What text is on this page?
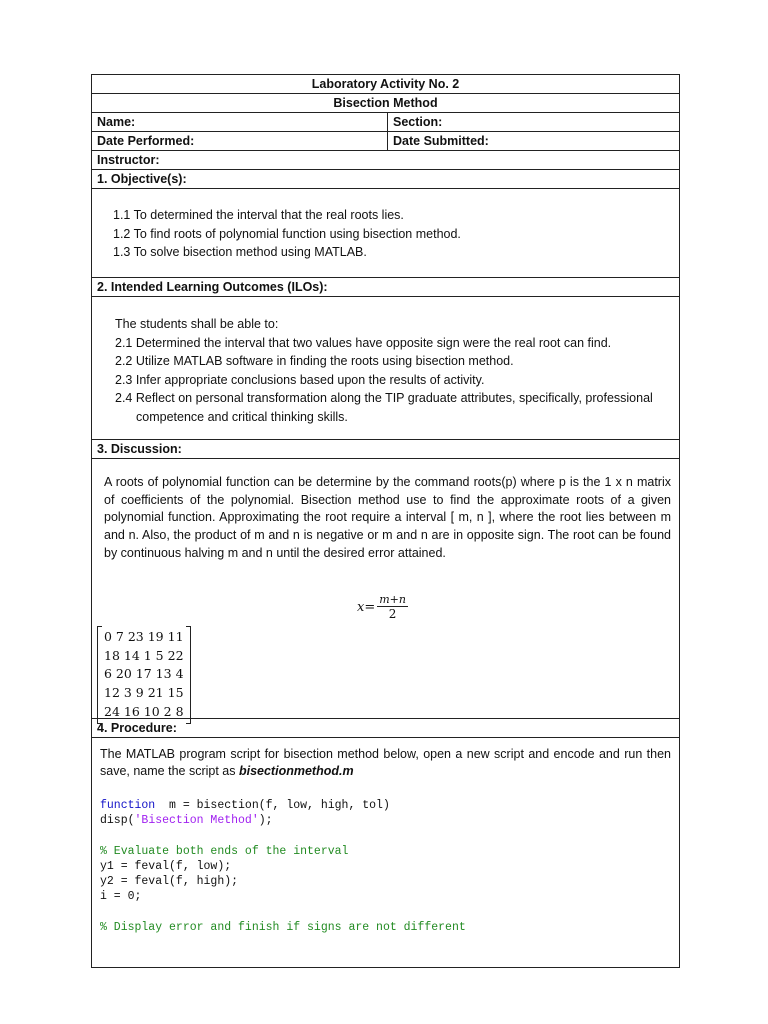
Laboratory Activity No. 2
Bisection Method
Name:	Section:
Date Performed:	Date Submitted:
Instructor:
1. Objective(s):
1.1 To determined the interval that the real roots lies.
1.2 To find roots of polynomial function using bisection method.
1.3 To solve bisection method using MATLAB.
2. Intended Learning Outcomes (ILOs):
The students shall be able to:
2.1 Determined the interval that two values have opposite sign were the real root can find.
2.2 Utilize MATLAB software in finding the roots using bisection method.
2.3 Infer appropriate conclusions based upon the results of activity.
2.4 Reflect on personal transformation along the TIP graduate attributes, specifically, professional
competence and critical thinking skills.
3. Discussion:
A roots of polynomial function can be determine by the command roots(p) where p is the 1 x n matrix of coefficients of the polynomial. Bisection method use to find the approximate roots of a given polynomial function. Approximating the root require a interval [ m, n ], where the root lies between m and n. Also, the product of m and n is negative or m and n are in opposite sign. The root can be found by continuous halving m and n until the desired error attained.
$x= \frac{m+n}{2}$
0 7 23 19 11
18 14 1 5 22
6 20 17 13 4
12 3 9 21 15
24 16 10 2 8
4. Procedure:
The MATLAB program script for bisection method below, open a new script and encode and run then save, name the script as bisectionmethod.m
function  m = bisection(f, low, high, tol)
disp('Bisection Method');
% Evaluate both ends of the interval
y1 = feval(f, low);
y2 = feval(f, high);
i = 0;
% Display error and finish if signs are not different
